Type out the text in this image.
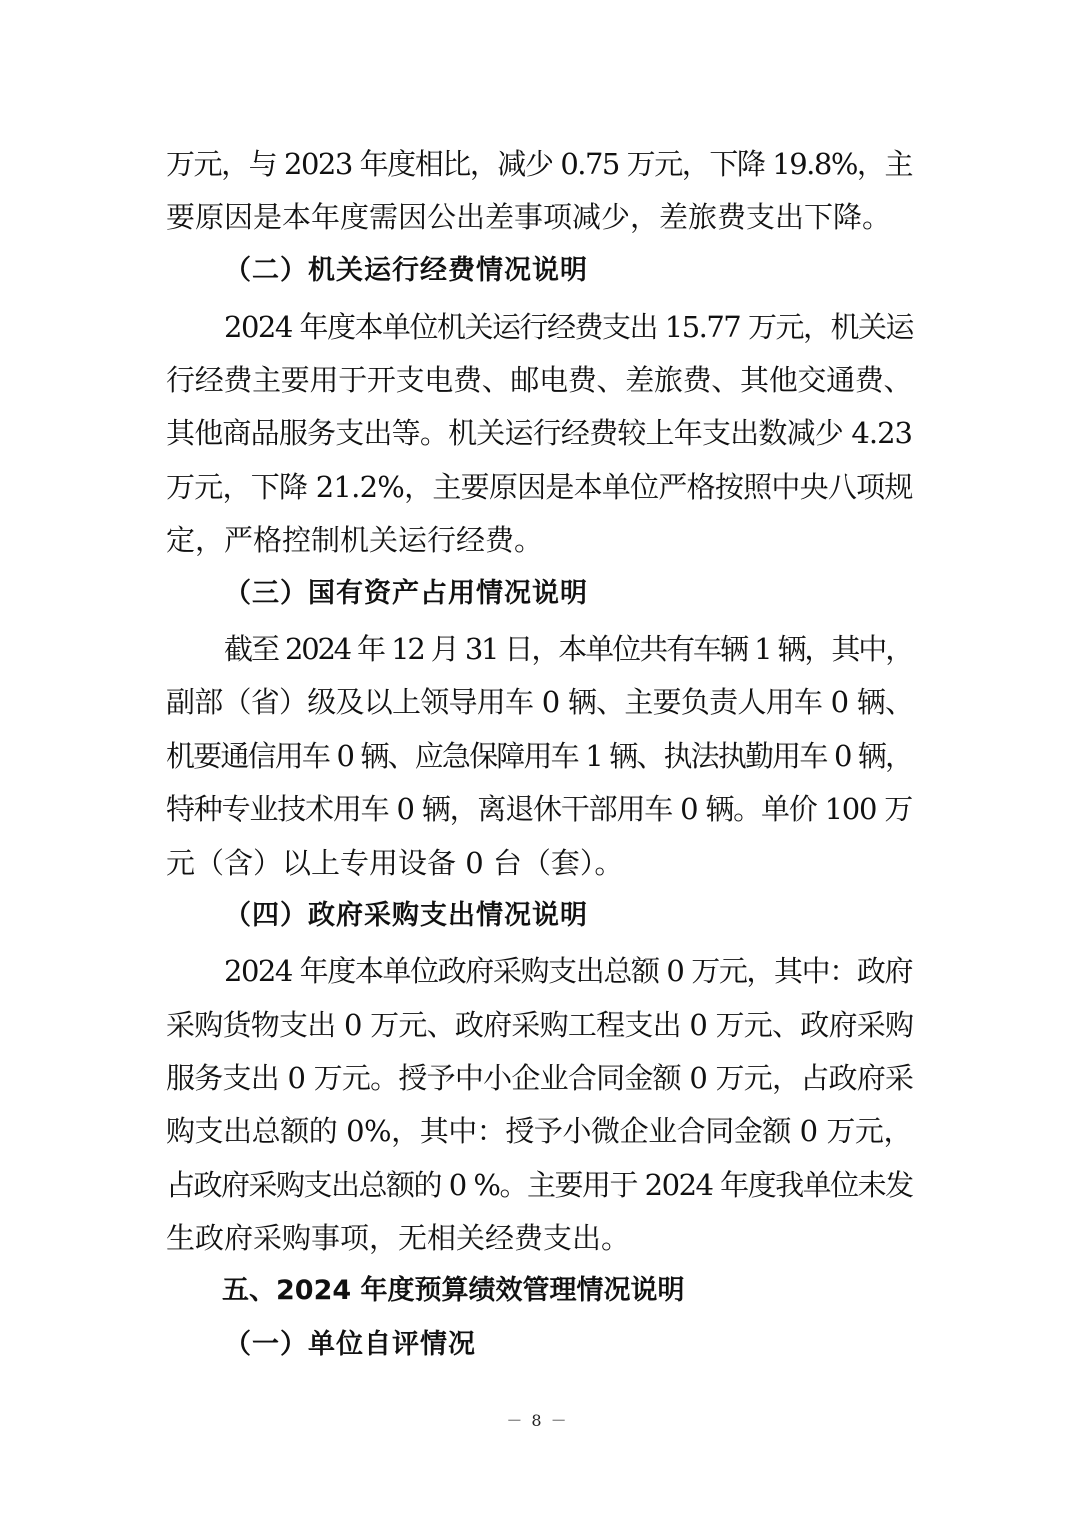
万元，与 2023 年度相比，减少 0.75 万元，下降 19.8%，主

要原因是本年度需因公出差事项减少，差旅费支出下降。

（二）机关运行经费情况说明

2024 年度本单位机关运行经费支出 15.77 万元，机关运

行经费主要用于开支电费、邮电费、差旅费、其他交通费、

其他商品服务支出等。机关运行经费较上年支出数减少 4.23

万元，下降 21.2%，主要原因是本单位严格按照中央八项规

定，严格控制机关运行经费。

（三）国有资产占用情况说明

截至 2024 年 12 月 31 日，本单位共有车辆 1 辆，其中，

副部（省）级及以上领导用车 0 辆、主要负责人用车 0 辆、

机要通信用车 0 辆、应急保障用车 1 辆、执法执勤用车 0 辆，

特种专业技术用车 0 辆，离退休干部用车 0 辆。单价 100 万

元（含）以上专用设备 0 台（套）。

（四）政府采购支出情况说明

2024 年度本单位政府采购支出总额 0 万元，其中：政府

采购货物支出 0 万元、政府采购工程支出 0 万元、政府采购

服务支出 0 万元。授予中小企业合同金额 0 万元，占政府采

购支出总额的 0%，其中：授予小微企业合同金额 0 万元，

占政府采购支出总额的 0 %。主要用于 2024 年度我单位未发

生政府采购事项，无相关经费支出。

五、2024 年度预算绩效管理情况说明

（一）单位自评情况

－ 8 －
